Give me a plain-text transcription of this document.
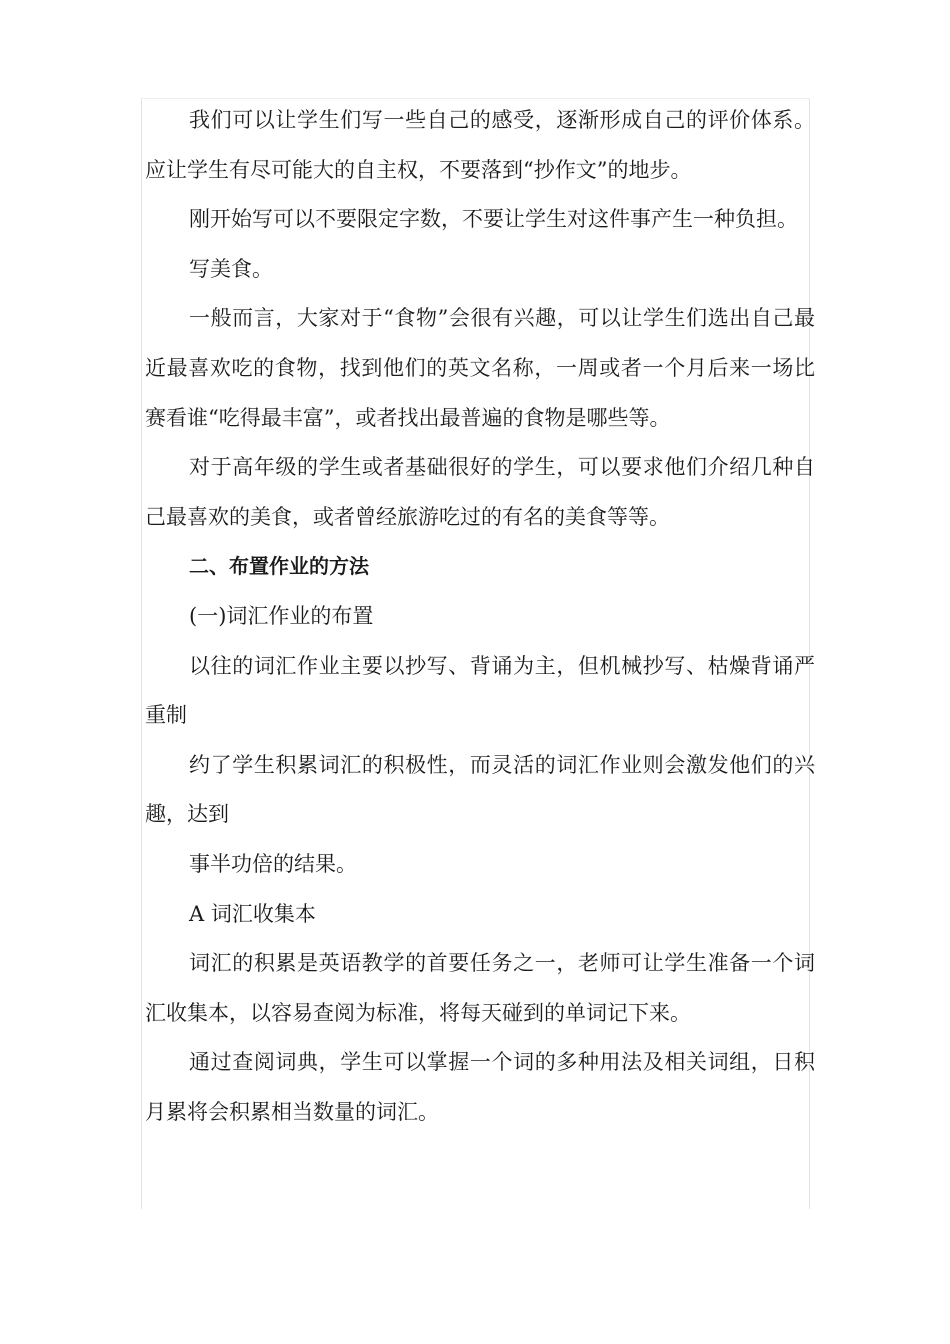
我们可以让学生们写一些自己的感受，逐渐形成自己的评价体系。应让学生有尽可能大的自主权，不要落到“抄作文”的地步。

刚开始写可以不要限定字数，不要让学生对这件事产生一种负担。

写美食。

一般而言，大家对于“食物”会很有兴趣，可以让学生们选出自己最近最喜欢吃的食物，找到他们的英文名称，一周或者一个月后来一场比赛看谁“吃得最丰富”，或者找出最普遍的食物是哪些等。

对于高年级的学生或者基础很好的学生，可以要求他们介绍几种自己最喜欢的美食，或者曾经旅游吃过的有名的美食等等。

二、布置作业的方法

(一)词汇作业的布置

以往的词汇作业主要以抄写、背诵为主，但机械抄写、枯燥背诵严重制

约了学生积累词汇的积极性，而灵活的词汇作业则会激发他们的兴趣，达到

事半功倍的结果。

A 词汇收集本

词汇的积累是英语教学的首要任务之一，老师可让学生准备一个词汇收集本，以容易查阅为标准，将每天碰到的单词记下来。

通过查阅词典，学生可以掌握一个词的多种用法及相关词组，日积月累将会积累相当数量的词汇。
